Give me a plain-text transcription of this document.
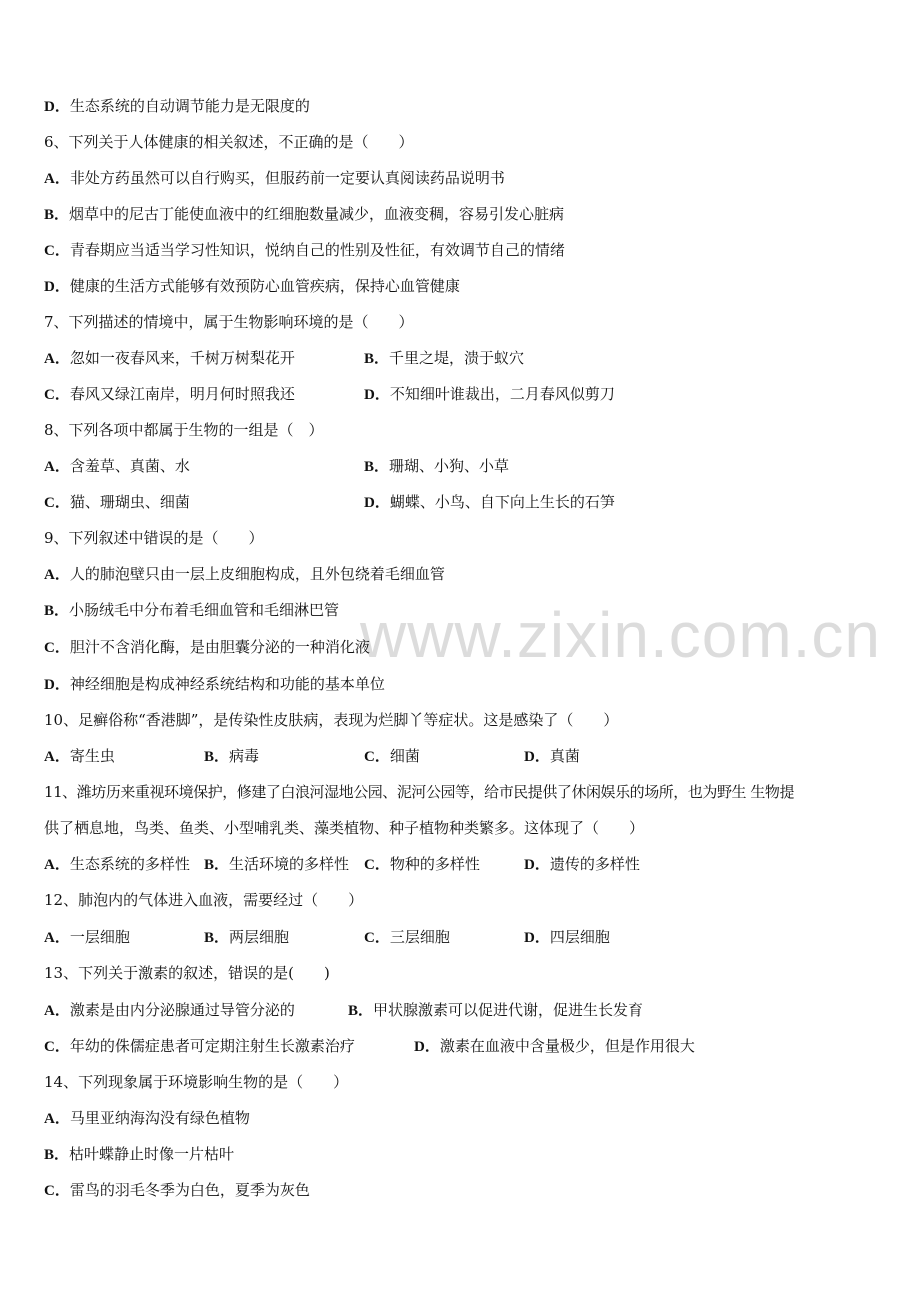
www.zixin.com.cn
D．生态系统的自动调节能力是无限度的
6、下列关于人体健康的相关叙述，不正确的是（　　）
A．非处方药虽然可以自行购买，但服药前一定要认真阅读药品说明书
B．烟草中的尼古丁能使血液中的红细胞数量减少，血液变稠，容易引发心脏病
C．青春期应当适当学习性知识，悦纳自己的性别及性征，有效调节自己的情绪
D．健康的生活方式能够有效预防心血管疾病，保持心血管健康
7、下列描述的情境中，属于生物影响环境的是（　　）
A．忽如一夜春风来，千树万树梨花开	B．千里之堤，溃于蚁穴
C．春风又绿江南岸，明月何时照我还	D．不知细叶谁裁出，二月春风似剪刀
8、下列各项中都属于生物的一组是（　）
A．含羞草、真菌、水	B．珊瑚、小狗、小草
C．猫、珊瑚虫、细菌	D．蝴蝶、小鸟、自下向上生长的石笋
9、下列叙述中错误的是（　　）
A．人的肺泡壁只由一层上皮细胞构成，且外包绕着毛细血管
B．小肠绒毛中分布着毛细血管和毛细淋巴管
C．胆汁不含消化酶，是由胆囊分泌的一种消化液
D．神经细胞是构成神经系统结构和功能的基本单位
10、足癣俗称“香港脚”，是传染性皮肤病，表现为烂脚丫等症状。这是感染了（　　）
A．寄生虫	B．病毒	C．细菌	D．真菌
11、潍坊历来重视环境保护，修建了白浪河湿地公园、泥河公园等，给市民提供了休闲娱乐的场所，也为野生 生物提
供了栖息地，鸟类、鱼类、小型哺乳类、藻类植物、种子植物种类繁多。这体现了（　　）
A．生态系统的多样性 B．生活环境的多样性 C．物种的多样性	D．遗传的多样性
12、肺泡内的气体进入血液，需要经过（　　）
A．一层细胞	B．两层细胞	C．三层细胞	D．四层细胞
13、下列关于激素的叙述，错误的是(　　)
A．激素是由内分泌腺通过导管分泌的	B．甲状腺激素可以促进代谢，促进生长发育
C．年幼的侏儒症患者可定期注射生长激素治疗	D．激素在血液中含量极少，但是作用很大
14、下列现象属于环境影响生物的是（　　）
A．马里亚纳海沟没有绿色植物
B．枯叶蝶静止时像一片枯叶
C．雷鸟的羽毛冬季为白色，夏季为灰色
